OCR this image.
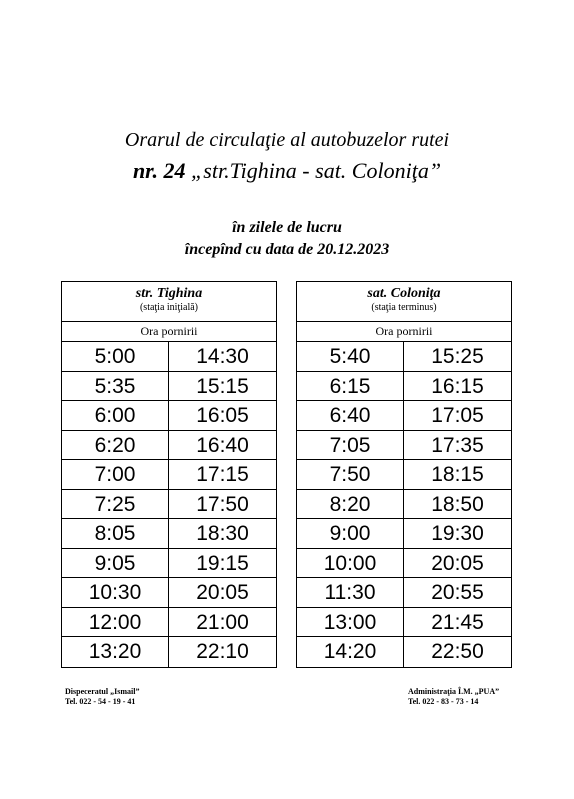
Orarul de circulaţie al autobuzelor rutei
nr. 24 „str.Tighina - sat. Coloniţa”
în zilele de lucru
începînd cu data de 20.12.2023
str. Tighina
(staţia iniţială)
Ora pornirii
5:00	14:30
5:35	15:15
6:00	16:05
6:20	16:40
7:00	17:15
7:25	17:50
8:05	18:30
9:05	19:15
10:30	20:05
12:00	21:00
13:20	22:10
sat. Coloniţa
(staţia terminus)
Ora pornirii
5:40	15:25
6:15	16:15
6:40	17:05
7:05	17:35
7:50	18:15
8:20	18:50
9:00	19:30
10:00	20:05
11:30	20:55
13:00	21:45
14:20	22:50
Dispeceratul „Ismail”
Tel. 022 - 54 - 19 - 41
Administraţia Î.M. „PUA”
Tel. 022 - 83 - 73 - 14
